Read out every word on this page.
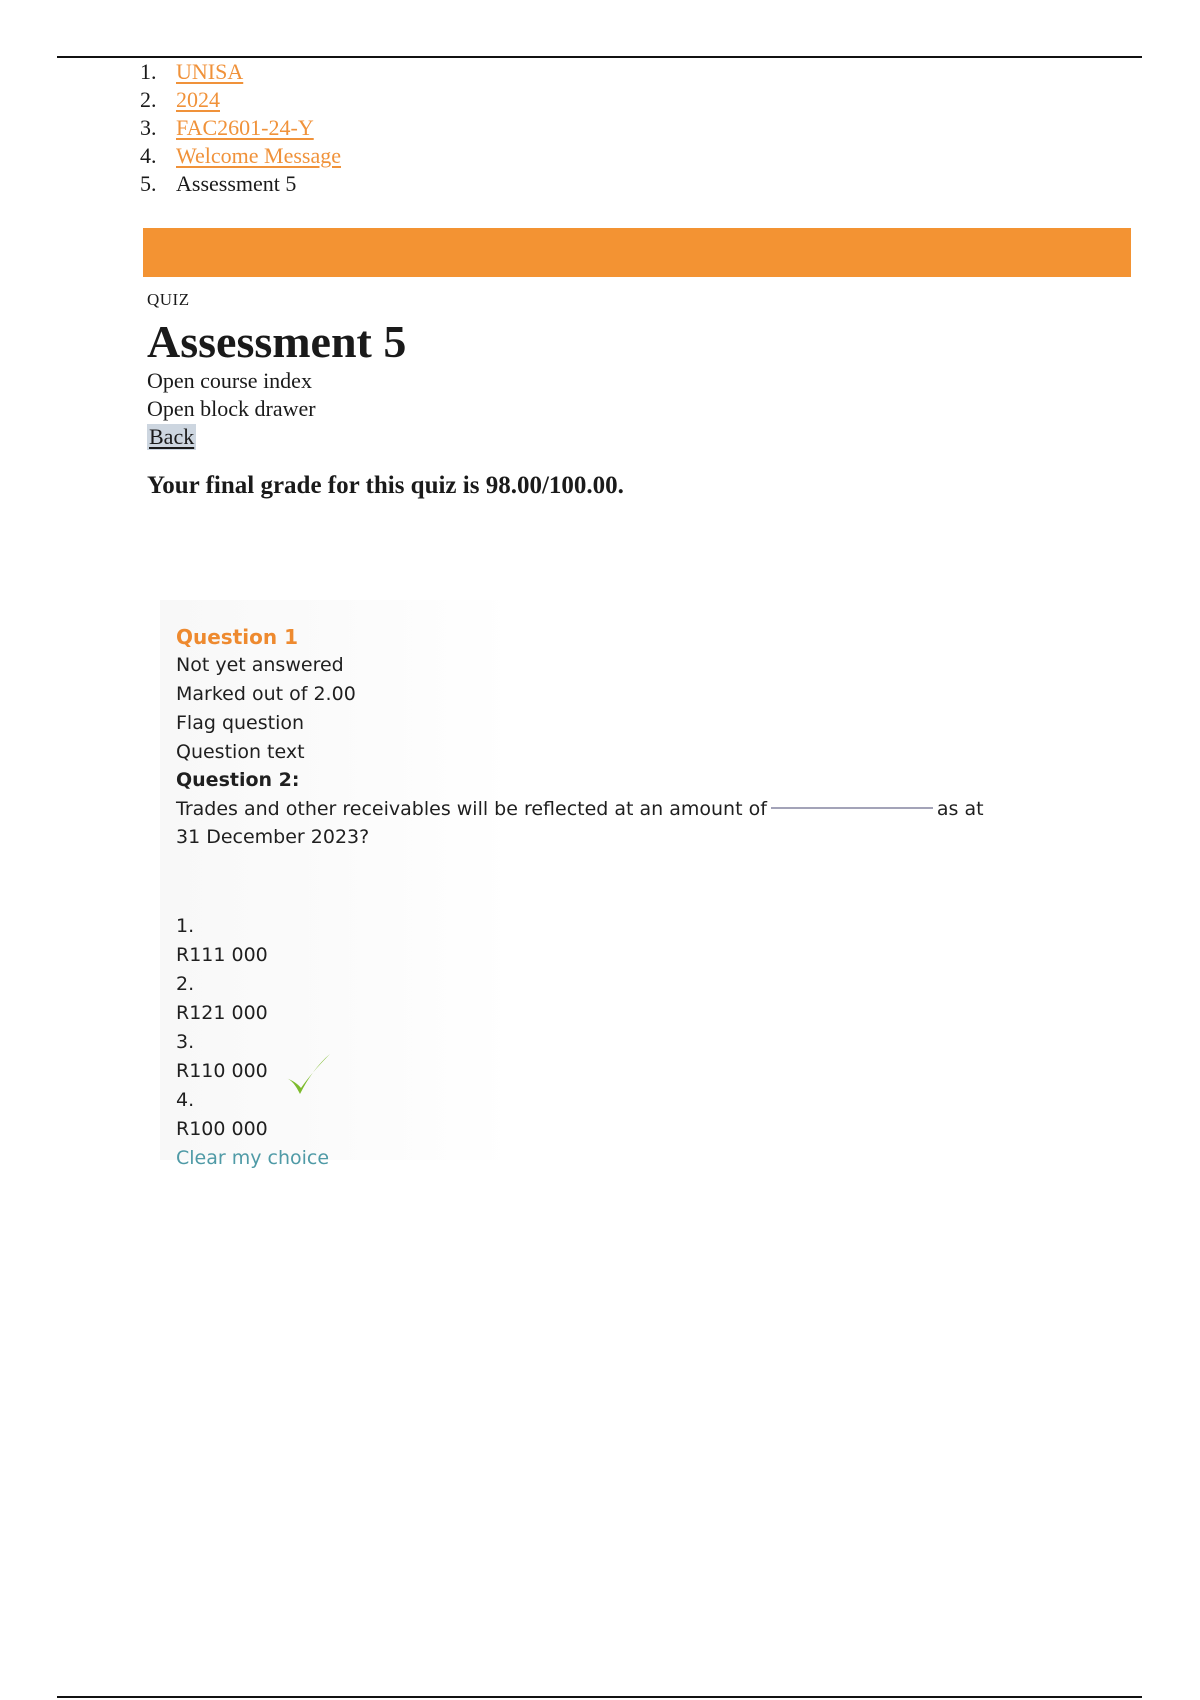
1. UNISA
2. 2024
3. FAC2601-24-Y
4. Welcome Message
5. Assessment 5
QUIZ
Assessment 5
Open course index
Open block drawer
Back
Your final grade for this quiz is 98.00/100.00.
Question 1
Not yet answered
Marked out of 2.00
Flag question
Question text
Question 2:
Trades and other receivables will be reflected at an amount of	as at
31 December 2023?
1.
R111 000
2.
R121 000
3.
R110 000
4.
R100 000
Clear my choice
